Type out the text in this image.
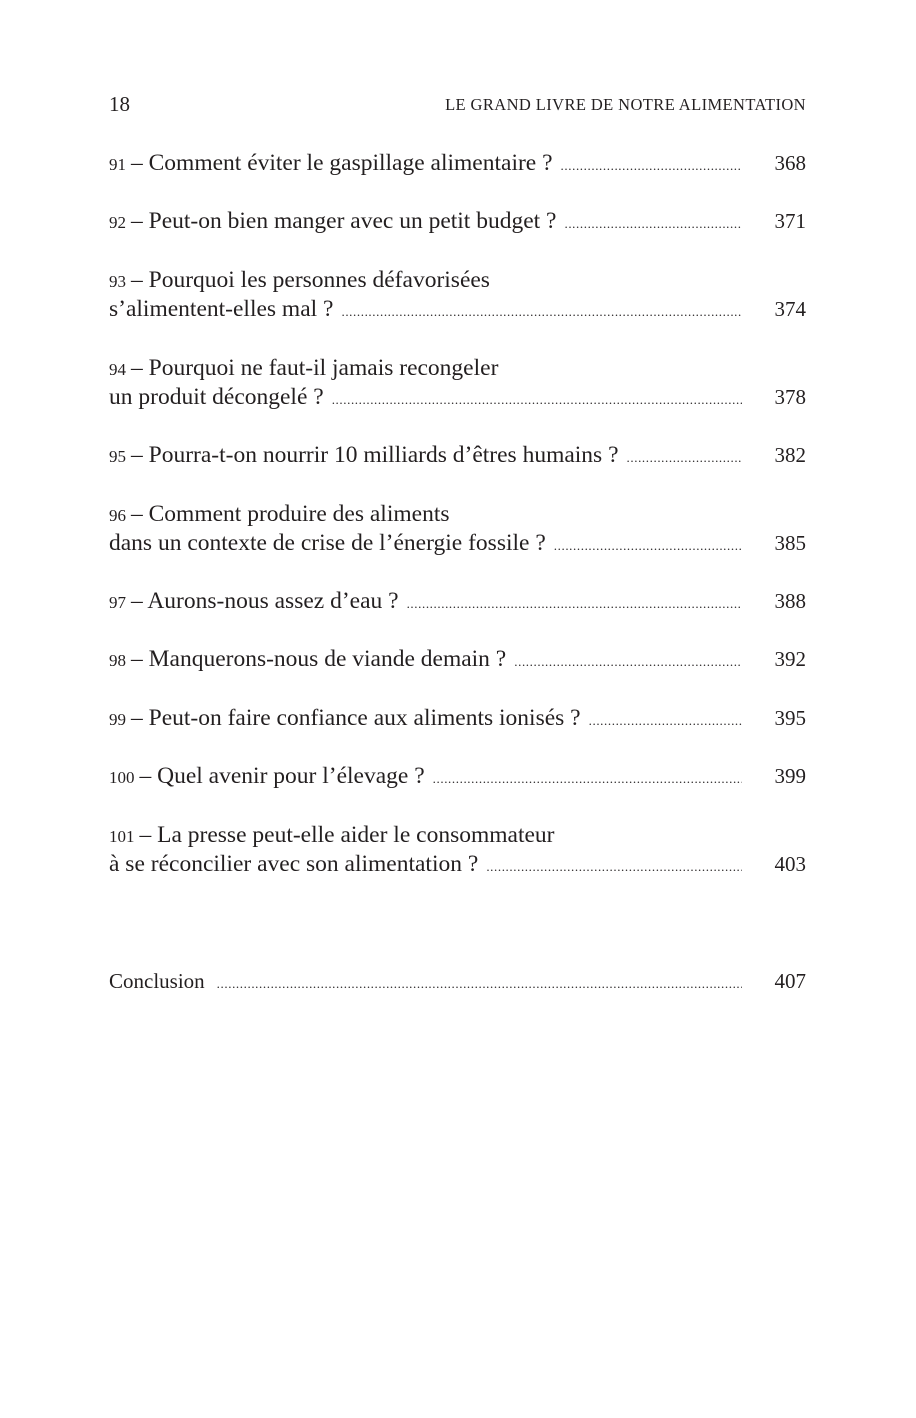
18	LE GRAND LIVRE DE NOTRE ALIMENTATION
91 – Comment éviter le gaspillage alimentaire ? .....	368
92 – Peut-on bien manger avec un petit budget ? .....	371
93 – Pourquoi les personnes défavorisées
s’alimentent-elles mal ? .....	374
94 – Pourquoi ne faut-il jamais recongeler
un produit décongelé ? .....	378
95 – Pourra-t-on nourrir 10 milliards d’êtres humains ? .....	382
96 – Comment produire des aliments
dans un contexte de crise de l’énergie fossile ? .....	385
97 – Aurons-nous assez d’eau ? .....	388
98 – Manquerons-nous de viande demain ? .....	392
99 – Peut-on faire confiance aux aliments ionisés ? .....	395
100 – Quel avenir pour l’élevage ? .....	399
101 – La presse peut-elle aider le consommateur
à se réconcilier avec son alimentation ? .....	403
Conclusion .....	407
